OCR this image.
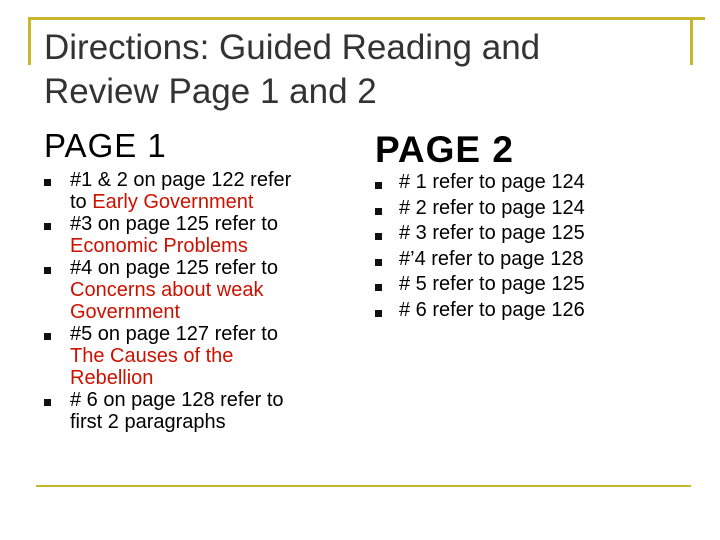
Directions: Guided Reading and
Review Page 1 and 2
PAGE 1	PAGE 2
#1 & 2 on page 122 refer
to Early Government
#3 on page 125 refer to
Economic Problems
#4 on page 125 refer to
Concerns about weak
Government
#5 on page 127 refer to
The Causes of the
Rebellion
# 6 on page 128 refer to
first 2 paragraphs
# 1 refer to page 124
# 2 refer to page 124
# 3 refer to page 125
#’4 refer to page 128
# 5 refer to page 125
# 6 refer to page 126
